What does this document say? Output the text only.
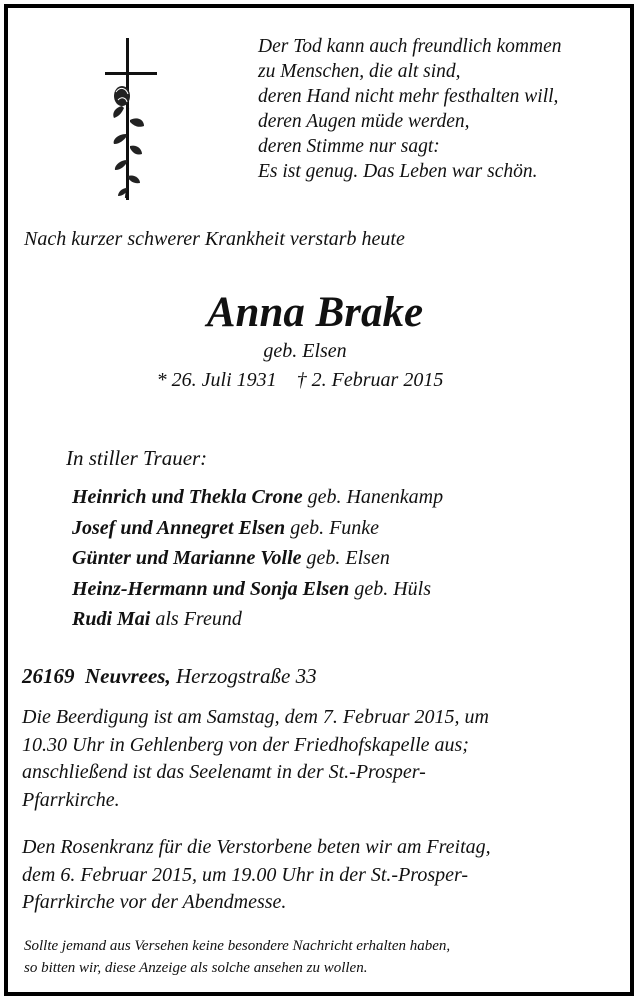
Der Tod kann auch freundlich kommen
zu Menschen, die alt sind,
deren Hand nicht mehr festhalten will,
deren Augen müde werden,
deren Stimme nur sagt:
Es ist genug. Das Leben war schön.
Nach kurzer schwerer Krankheit verstarb heute
Anna Brake
geb. Elsen
* 26. Juli 1931 † 2. Februar 2015
In stiller Trauer:
Heinrich und Thekla Crone geb. Hanenkamp
Josef und Annegret Elsen geb. Funke
Günter und Marianne Volle geb. Elsen
Heinz-Hermann und Sonja Elsen geb. Hüls
Rudi Mai als Freund
26169 Neuvrees, Herzogstraße 33
Die Beerdigung ist am Samstag, dem 7. Februar 2015, um
10.30 Uhr in Gehlenberg von der Friedhofskapelle aus;
anschließend ist das Seelenamt in der St.-Prosper-
Pfarrkirche.
Den Rosenkranz für die Verstorbene beten wir am Freitag,
dem 6. Februar 2015, um 19.00 Uhr in der St.-Prosper-
Pfarrkirche vor der Abendmesse.
Sollte jemand aus Versehen keine besondere Nachricht erhalten haben,
so bitten wir, diese Anzeige als solche ansehen zu wollen.
